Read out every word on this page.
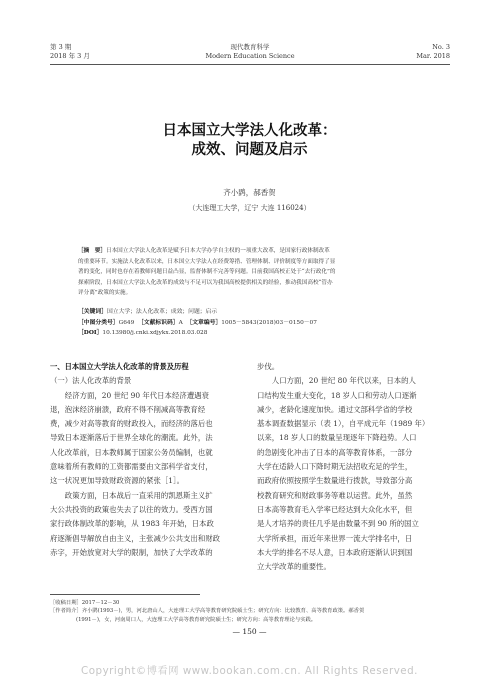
第 3 期
2018 年 3 月
现代教育科学
Modern Education Science
No. 3
Mar. 2018
日本国立大学法人化改革：
成效、问题及启示
齐小鹍，郝香贺
（大连理工大学，辽宁 大连 116024）
［摘　要］日本国立大学法人化改革是赋予日本大学办学自主权的一项重大改革，是国家行政体制改革
的重要环节。实施法人化改革以来，日本国立大学法人在经费筹措、管理体制、评价制度等方面取得了显
著的变化，同时也存在着教师问题日益凸显，监督体制不完善等问题。目前我国高校正处于“去行政化”的
探索阶段，日本国立大学法人化改革的成效与不足可以为我国高校提供相关的经验，推动我国高校“管办
评分离”政策的实施。
［关键词］国立大学；法人化改革；成效；问题；启示
［中图分类号］G649 ［文献标识码］A ［文章编号］1005－5843(2018)03－0150－07
［DOI］10.13980/j.cnki.xdjykx.2018.03.028

一、日本国立大学法人化改革的背景及历程

（一）法人化改革的背景

经济方面，20 世纪 90 年代日本经济遭遇衰

退，泡沫经济崩溃，政府不得不削减高等教育经

费，减少对高等教育的财政投入，而经济的落后也

导致日本逐渐落后于世界全球化的潮流。此外，法

人化改革前，日本教师属于国家公务员编制，也就

意味着所有教师的工资都需要由文部科学省支付，

这一状况更加导致财政资源的紧张［1］。

政策方面，日本战后一直采用的凯恩斯主义扩

大公共投资的政策也失去了以往的效力。受西方国

家行政体制改革的影响，从 1983 年开始，日本政

府逐渐倡导解放自由主义，主张减少公共支出和财政

赤字，开始放宽对大学的限制，加快了大学改革的

步伐。

人口方面，20 世纪 80 年代以来，日本的人

口结构发生重大变化，18 岁人口和劳动人口逐渐

减少，老龄化速度加快。通过文部科学省的学校

基本调查数据显示（表 1），自平成元年（1989 年）

以来，18 岁人口的数量呈现逐年下降趋势。人口

的急剧变化冲击了日本的高等教育体系，一部分

大学在适龄人口下降时期无法招收充足的学生，

而政府依照按照学生数量进行拨款，导致部分高

校教育研究和财政事务等难以运营。此外，虽然

日本高等教育毛入学率已经达到大众化水平，但

是人才培养的责任几乎是由数量不到 90 所的国立

大学所承担，而近年来世界一流大学排名中，日

本大学的排名不尽人意，日本政府逐渐认识到国

立大学改革的重要性。

［收稿日期］2017－12－30
［作者简介］齐小鹍(1993－)，男，河北唐山人，大连理工大学高等教育研究院硕士生；研究方向：比较教育、高等教育政策。郝香贺
(1991－)，女，河南周口人，大连理工大学高等教育研究院硕士生；研究方向：高等教育理论与实践。
— 150 —
Copyright©博看网 www.bookan.com.cn. All Rights Reserved.
